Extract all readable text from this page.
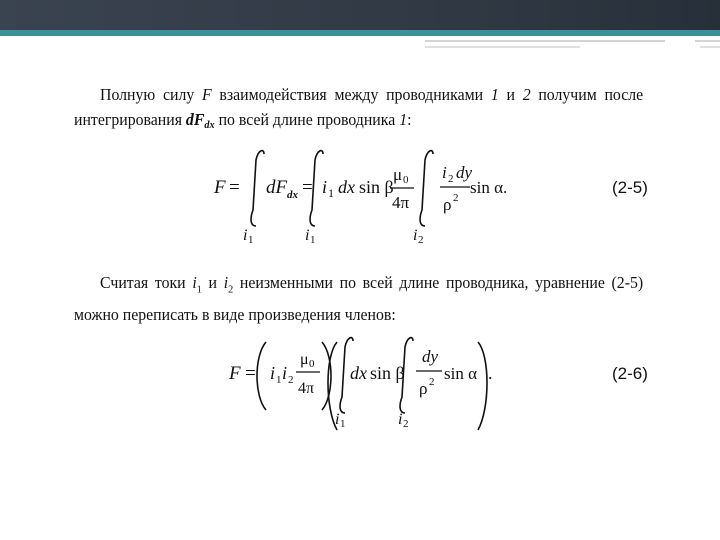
Полную силу F взаимодействия между проводниками 1 и 2 получим после интегрирования dFdx по всей длине проводника 1:
Считая токи $i_1$ и $i_2$ неизменными по всей длине проводника, уравнение (2-5) можно переписать в виде произведения членов:
F = dF dx = i 1 dx sin β
μ 0
4π
i 2 dy
ρ 2
sin α.
i 1	i 1	i 2
(2-5)
F = i 1 i 2
μ 0
4π
dx sin β
dy
ρ 2 sin α .
i 1	i 2
(2-6)
